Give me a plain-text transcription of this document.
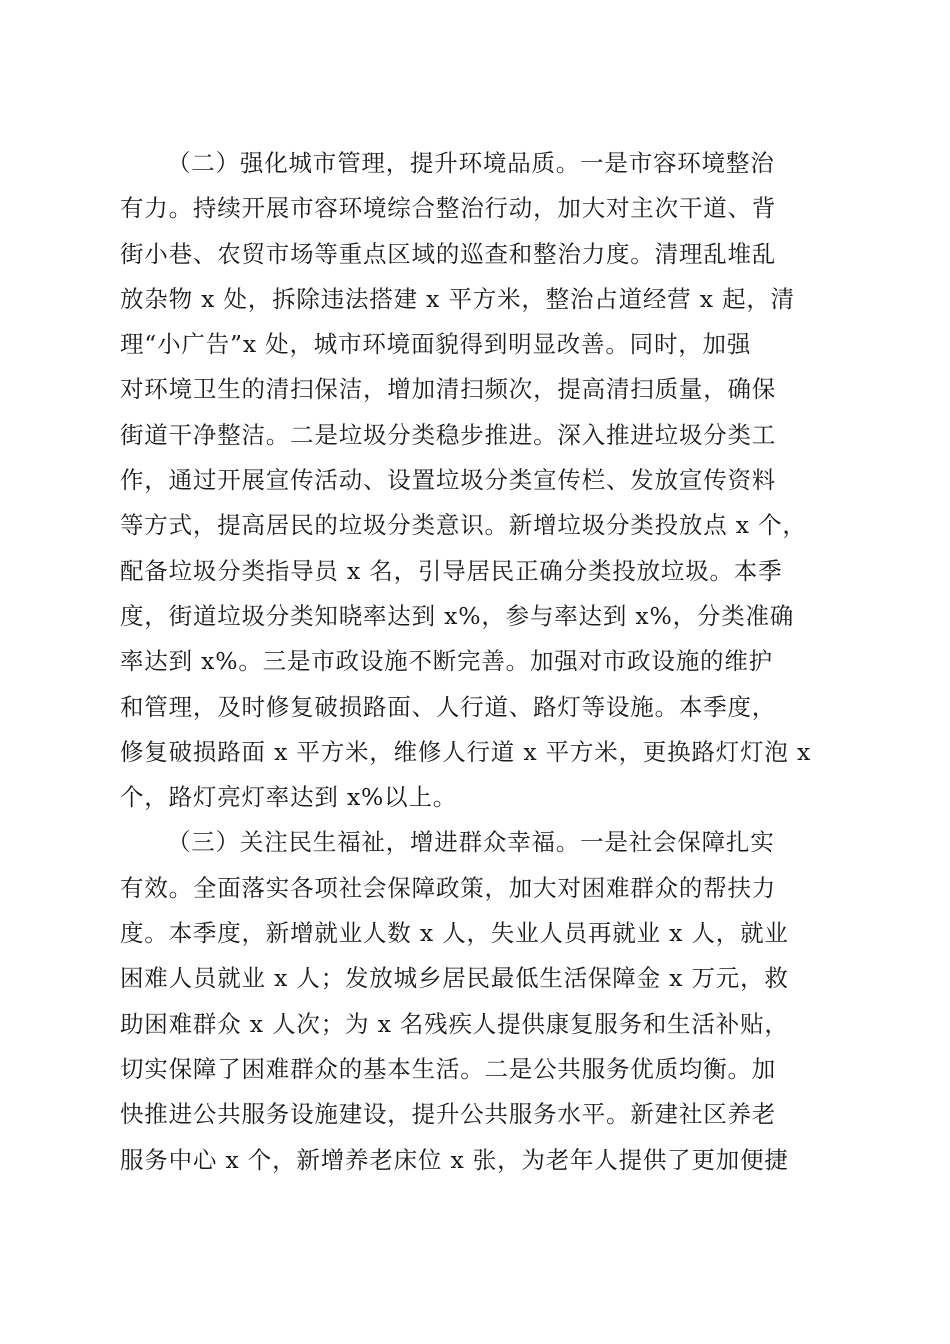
（二）强化城市管理，提升环境品质。一是市容环境整治
有力。持续开展市容环境综合整治行动，加大对主次干道、背
街小巷、农贸市场等重点区域的巡查和整治力度。清理乱堆乱
放杂物 x 处，拆除违法搭建 x 平方米，整治占道经营 x 起，清
理“小广告”x 处，城市环境面貌得到明显改善。同时，加强
对环境卫生的清扫保洁，增加清扫频次，提高清扫质量，确保
街道干净整洁。二是垃圾分类稳步推进。深入推进垃圾分类工
作，通过开展宣传活动、设置垃圾分类宣传栏、发放宣传资料
等方式，提高居民的垃圾分类意识。新增垃圾分类投放点 x 个，
配备垃圾分类指导员 x 名，引导居民正确分类投放垃圾。本季
度，街道垃圾分类知晓率达到 x%，参与率达到 x%，分类准确
率达到 x%。三是市政设施不断完善。加强对市政设施的维护
和管理，及时修复破损路面、人行道、路灯等设施。本季度，
修复破损路面 x 平方米，维修人行道 x 平方米，更换路灯灯泡 x
个，路灯亮灯率达到 x%以上。
（三）关注民生福祉，增进群众幸福。一是社会保障扎实
有效。全面落实各项社会保障政策，加大对困难群众的帮扶力
度。本季度，新增就业人数 x 人，失业人员再就业 x 人，就业
困难人员就业 x 人；发放城乡居民最低生活保障金 x 万元，救
助困难群众 x 人次；为 x 名残疾人提供康复服务和生活补贴，
切实保障了困难群众的基本生活。二是公共服务优质均衡。加
快推进公共服务设施建设，提升公共服务水平。新建社区养老
服务中心 x 个，新增养老床位 x 张，为老年人提供了更加便捷
